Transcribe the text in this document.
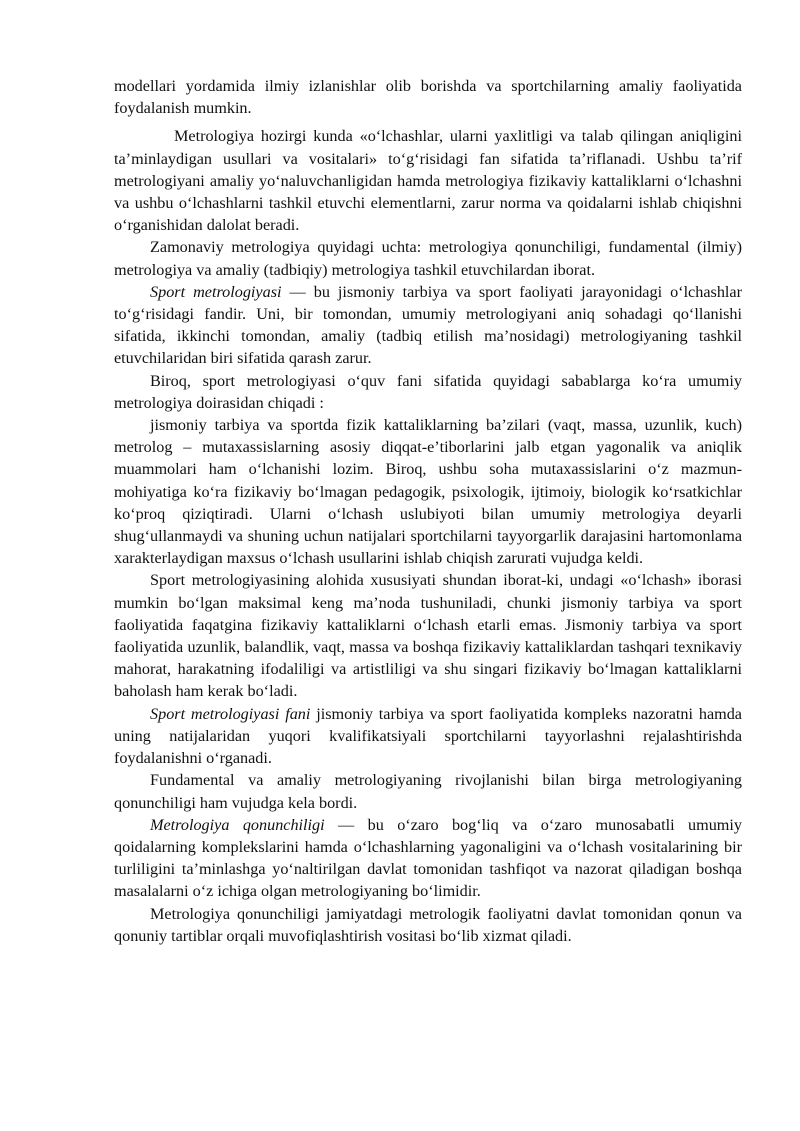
modellari yordamida ilmiy izlanishlar olib borishda va sportchilarning amaliy faoliyatida foydalanish mumkin.

Metrologiya hozirgi kunda «oʻlchashlar, ularni yaxlitligi va talab qilingan aniqligini taʼminlaydigan usullari va vositalari» toʻgʻrisidagi fan sifatida taʼriflanadi. Ushbu taʼrif metrologiyani amaliy yoʻnaluvchanligidan hamda metrologiya fizikaviy kattaliklarni oʻlchashni va ushbu oʻlchashlarni tashkil etuvchi elementlarni, zarur norma va qoidalarni ishlab chiqishni oʻrganishidan dalolat beradi.

Zamonaviy metrologiya quyidagi uchta: metrologiya qonunchiligi, fundamental (ilmiy) metrologiya va amaliy (tadbiqiy) metrologiya tashkil etuvchilardan iborat.

Sport metrologiyasi — bu jismoniy tarbiya va sport faoliyati jarayonidagi oʻlchashlar toʻgʻrisidagi fandir. Uni, bir tomondan, umumiy metrologiyani aniq sohadagi qoʻllanishi sifatida, ikkinchi tomondan, amaliy (tadbiq etilish maʼnosidagi) metrologiyaning tashkil etuvchilaridan biri sifatida qarash zarur.

Biroq, sport metrologiyasi oʻquv fani sifatida quyidagi sabablarga koʻra umumiy metrologiya doirasidan chiqadi :

jismoniy tarbiya va sportda fizik kattaliklarning baʼzilari (vaqt, massa, uzunlik, kuch) metrolog – mutaxassislarning asosiy diqqat-eʼtiborlarini jalb etgan yagonalik va aniqlik muammolari ham oʻlchanishi lozim. Biroq, ushbu soha mutaxassislarini oʻz mazmun-mohiyatiga koʻra fizikaviy boʻlmagan pedagogik, psixologik, ijtimoiy, biologik koʻrsatkichlar koʻproq qiziqtiradi. Ularni oʻlchash uslubiyoti bilan umumiy metrologiya deyarli shugʻullanmaydi va shuning uchun natijalari sportchilarni tayyorgarlik darajasini hartomonlama xarakterlaydigan maxsus oʻlchash usullarini ishlab chiqish zarurati vujudga keldi.

Sport metrologiyasining alohida xususiyati shundan iborat-ki, undagi «oʻlchash» iborasi mumkin boʻlgan maksimal keng maʼnoda tushuniladi, chunki jismoniy tarbiya va sport faoliyatida faqatgina fizikaviy kattaliklarni oʻlchash etarli emas. Jismoniy tarbiya va sport faoliyatida uzunlik, balandlik, vaqt, massa va boshqa fizikaviy kattaliklardan tashqari texnikaviy mahorat, harakatning ifodaliligi va artistliligi va shu singari fizikaviy boʻlmagan kattaliklarni baholash ham kerak boʻladi.

Sport metrologiyasi fani jismoniy tarbiya va sport faoliyatida kompleks nazoratni hamda uning natijalaridan yuqori kvalifikatsiyali sportchilarni tayyorlashni rejalashtirishda foydalanishni oʻrganadi.

Fundamental va amaliy metrologiyaning rivojlanishi bilan birga metrologiyaning qonunchiligi ham vujudga kela bordi.

Metrologiya qonunchiligi — bu oʻzaro bogʻliq va oʻzaro munosabatli umumiy qoidalarning komplekslarini hamda oʻlchashlarning yagonaligini va oʻlchash vositalarining bir turliligini taʼminlashga yoʻnaltirilgan davlat tomonidan tashfiqot va nazorat qiladigan boshqa masalalarni oʻz ichiga olgan metrologiyaning boʻlimidir.

Metrologiya qonunchiligi jamiyatdagi metrologik faoliyatni davlat tomonidan qonun va qonuniy tartiblar orqali muvofiqlashtirish vositasi boʻlib xizmat qiladi.
